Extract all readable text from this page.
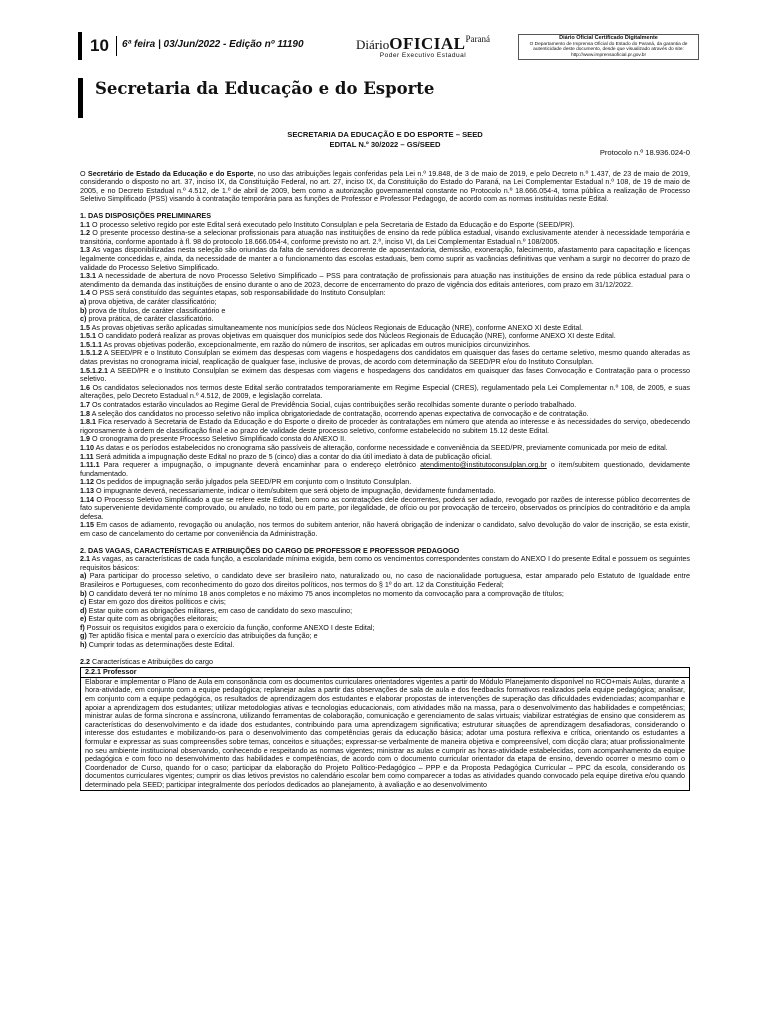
10 6ª feira | 03/Jun/2022 - Edição nº 11190	DiárioOFICIAL$^{Paraná}$
Poder Executivo Estadual
Diário Oficial Certificado Digitalmente
O Departamento de Imprensa Oficial do Estado do Paraná, da garantia de autenticidade deste documento, desde que visualizado através do site: http://www.imprensaoficial.pr.gov.br
Secretaria da Educação e do Esporte
SECRETARIA DA EDUCAÇÃO E DO ESPORTE – SEED
EDITAL N.º 30/2022 – GS/SEED
Protocolo n.º 18.936.024-0

O Secretário de Estado da Educação e do Esporte, no uso das atribuições legais conferidas pela Lei n.º 19.848, de 3 de maio de 2019, e pelo Decreto n.º 1.437, de 23 de maio de 2019, considerando o disposto no art. 37, inciso IX, da Constituição Federal, no art. 27, inciso IX, da Constituição do Estado do Paraná, na Lei Complementar Estadual n.º 108, de 19 de maio de 2005, e no Decreto Estadual n.º 4.512, de 1.º de abril de 2009, bem como a autorização governamental constante no Protocolo n.º 18.666.054-4, torna pública a realização de Processo Seletivo Simplificado (PSS) visando à contratação temporária para as funções de Professor e Professor Pedagogo, de acordo com as normas instituídas neste Edital.

1. DAS DISPOSIÇÕES PRELIMINARES

1.1 O processo seletivo regido por este Edital será executado pelo Instituto Consulplan e pela Secretaria de Estado da Educação e do Esporte (SEED/PR).

1.2 O presente processo destina-se a selecionar profissionais para atuação nas instituições de ensino da rede pública estadual, visando exclusivamente atender à necessidade temporária e transitória, conforme apontado à fl. 98 do protocolo 18.666.054-4, conforme previsto no art. 2.º, inciso VI, da Lei Complementar Estadual n.º 108/2005.

1.3 As vagas disponibilizadas nesta seleção são oriundas da falta de servidores decorrente de aposentadoria, demissão, exoneração, falecimento, afastamento para capacitação e licenças legalmente concedidas e, ainda, da necessidade de manter a o funcionamento das escolas estaduais, bem como suprir as vacâncias definitivas que venham a surgir no decorrer do prazo de validade do Processo Seletivo Simplificado.

1.3.1 A necessidade de abertura de novo Processo Seletivo Simplificado – PSS para contratação de profissionais para atuação nas instituições de ensino da rede pública estadual para o atendimento da demanda das instituições de ensino durante o ano de 2023, decorre de encerramento do prazo de vigência dos editais anteriores, com prazo em 31/12/2022.

1.4 O PSS será constituído das seguintes etapas, sob responsabilidade do Instituto Consulplan:

a) prova objetiva, de caráter classificatório;

b) prova de títulos, de caráter classificatório e

c) prova prática, de caráter classificatório.

1.5 As provas objetivas serão aplicadas simultaneamente nos municípios sede dos Núcleos Regionais de Educação (NRE), conforme ANEXO XI deste Edital.

1.5.1 O candidato poderá realizar as provas objetivas em quaisquer dos municípios sede dos Núcleos Regionais de Educação (NRE), conforme ANEXO XI deste Edital.

1.5.1.1 As provas objetivas poderão, excepcionalmente, em razão do número de inscritos, ser aplicadas em outros municípios circunvizinhos.

1.5.1.2 A SEED/PR e o Instituto Consulplan se eximem das despesas com viagens e hospedagens dos candidatos em quaisquer das fases do certame seletivo, mesmo quando alteradas as datas previstas no cronograma inicial, reaplicação de qualquer fase, inclusive de provas, de acordo com determinação da SEED/PR e/ou do Instituto Consulplan.

1.5.1.2.1 A SEED/PR e o Instituto Consulplan se eximem das despesas com viagens e hospedagens dos candidatos em quaisquer das fases Convocação e Contratação para o processo seletivo.

1.6 Os candidatos selecionados nos termos deste Edital serão contratados temporariamente em Regime Especial (CRES), regulamentado pela Lei Complementar n.º 108, de 2005, e suas alterações, pelo Decreto Estadual n.º 4.512, de 2009, e legislação correlata.

1.7 Os contratados estarão vinculados ao Regime Geral de Previdência Social, cujas contribuições serão recolhidas somente durante o período trabalhado.

1.8 A seleção dos candidatos no processo seletivo não implica obrigatoriedade de contratação, ocorrendo apenas expectativa de convocação e de contratação.

1.8.1 Fica reservado à Secretaria de Estado da Educação e do Esporte o direito de proceder às contratações em número que atenda ao interesse e às necessidades do serviço, obedecendo rigorosamente à ordem de classificação final e ao prazo de validade deste processo seletivo, conforme estabelecido no subitem 15.12 deste Edital.

1.9 O cronograma do presente Processo Seletivo Simplificado consta do ANEXO II.

1.10 As datas e os períodos estabelecidos no cronograma são passíveis de alteração, conforme necessidade e conveniência da SEED/PR, previamente comunicada por meio de edital.

1.11 Será admitida a impugnação deste Edital no prazo de 5 (cinco) dias a contar do dia útil imediato à data de publicação oficial.

1.11.1 Para requerer a impugnação, o impugnante deverá encaminhar para o endereço eletrônico atendimento@institutoconsulplan.org.br o item/subitem questionado, devidamente fundamentado.

1.12 Os pedidos de impugnação serão julgados pela SEED/PR em conjunto com o Instituto Consulplan.

1.13 O impugnante deverá, necessariamente, indicar o item/subitem que será objeto de impugnação, devidamente fundamentado.

1.14 O Processo Seletivo Simplificado a que se refere este Edital, bem como as contratações dele decorrentes, poderá ser adiado, revogado por razões de interesse público decorrentes de fato superveniente devidamente comprovado, ou anulado, no todo ou em parte, por ilegalidade, de ofício ou por provocação de terceiro, observados os princípios do contraditório e da ampla defesa.

1.15 Em casos de adiamento, revogação ou anulação, nos termos do subitem anterior, não haverá obrigação de indenizar o candidato, salvo devolução do valor de inscrição, se esta existir, em caso de cancelamento do certame por conveniência da Administração.

2. DAS VAGAS, CARACTERÍSTICAS E ATRIBUIÇÕES DO CARGO DE PROFESSOR E PROFESSOR PEDAGOGO

2.1 As vagas, as características de cada função, a escolaridade mínima exigida, bem como os vencimentos correspondentes constam do ANEXO I do presente Edital e possuem os seguintes requisitos básicos:

a) Para participar do processo seletivo, o candidato deve ser brasileiro nato, naturalizado ou, no caso de nacionalidade portuguesa, estar amparado pelo Estatuto de Igualdade entre Brasileiros e Portugueses, com reconhecimento do gozo dos direitos políticos, nos termos do § 1º do art. 12 da Constituição Federal;

b) O candidato deverá ter no mínimo 18 anos completos e no máximo 75 anos incompletos no momento da convocação para a comprovação de títulos;

c) Estar em gozo dos direitos políticos e civis;

d) Estar quite com as obrigações militares, em caso de candidato do sexo masculino;

e) Estar quite com as obrigações eleitorais;

f) Possuir os requisitos exigidos para o exercício da função, conforme ANEXO I deste Edital;

g) Ter aptidão física e mental para o exercício das atribuições da função; e

h) Cumprir todas as determinações deste Edital.

2.2 Características e Atribuições do cargo

2.2.1 Professor
Elaborar e implementar o Plano de Aula em consonância com os documentos curriculares orientadores vigentes a partir do Módulo Planejamento disponível no RCO+mais Aulas, durante a hora-atividade, em conjunto com a equipe pedagógica; replanejar aulas a partir das observações de sala de aula e dos feedbacks formativos realizados pela equipe pedagógica; analisar, em conjunto com a equipe pedagógica, os resultados de aprendizagem dos estudantes e elaborar propostas de intervenções de superação das dificuldades evidenciadas; acompanhar e apoiar a aprendizagem dos estudantes; utilizar metodologias ativas e tecnologias educacionais, com atividades mão na massa, para o desenvolvimento das habilidades e competências; ministrar aulas de forma síncrona e assíncrona, utilizando ferramentas de colaboração, comunicação e gerenciamento de salas virtuais; viabilizar estratégias de ensino que considerem as características do desenvolvimento e da idade dos estudantes, contribuindo para uma aprendizagem significativa; estruturar situações de aprendizagem desafiadoras, considerando o interesse dos estudantes e mobilizando-os para o desenvolvimento das competências gerais da educação básica; adotar uma postura reflexiva e crítica, orientando os estudantes a formular e expressar as suas compreensões sobre temas, conceitos e situações; expressar-se verbalmente de maneira objetiva e compreensível, com dicção clara; atuar profissionalmente no seu ambiente institucional observando, conhecendo e respeitando as normas vigentes; ministrar as aulas e cumprir as horas-atividade estabelecidas, com acompanhamento da equipe pedagógica e com foco no desenvolvimento das habilidades e competências, de acordo com o documento curricular orientador da etapa de ensino, devendo ocorrer o mesmo com o Coordenador de Curso, quando for o caso; participar da elaboração do Projeto Político-Pedagógico – PPP e da Proposta Pedagógica Curricular – PPC da escola, considerando os documentos curriculares vigentes; cumprir os dias letivos previstos no calendário escolar bem como comparecer a todas as atividades quando convocado pela equipe diretiva e/ou quando determinado pela SEED; participar integralmente dos períodos dedicados ao planejamento, à avaliação e ao desenvolvimento
